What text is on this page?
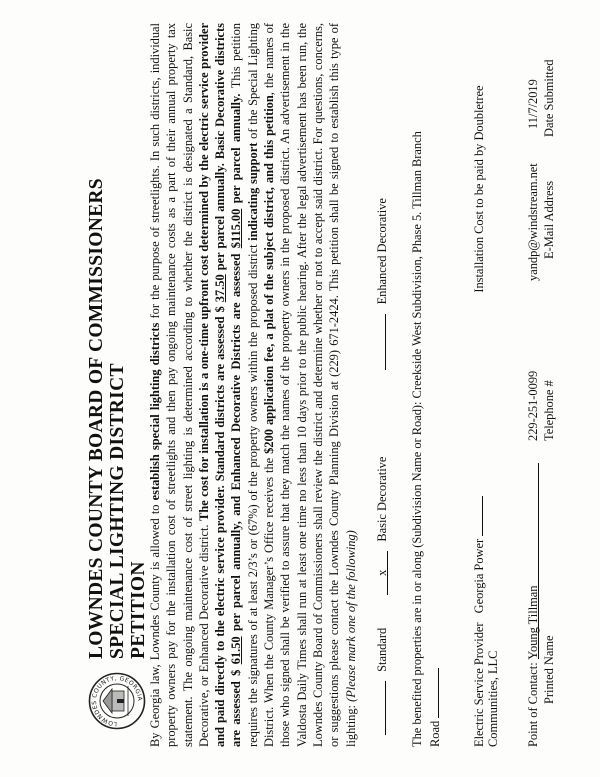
LOWNDES COUNTY, GEORGIA
LOWNDES COUNTY BOARD OF COMMISSIONERS SPECIAL LIGHTING DISTRICT PETITION By Georgia law, Lowndes County is allowed to establish special lighting districts for the purpose of streetlights. In such districts, individual property owners pay for the installation cost of streetlights and then pay ongoing maintenance costs as a part of their annual property tax statement. The ongoing maintenance cost of street lighting is determined according to whether the district is designated a Standard, Basic Decorative, or Enhanced Decorative district. The cost for installation is a one-time upfront cost determined by the electric service provider and paid directly to the electric service provider. Standard districts are assessed $ 37.50 per parcel annually. Basic Decorative districts are assessed $ 61.50 per parcel annually, and Enhanced Decorative Districts are assessed $115.00 per parcel annually. This petition requires the signatures of at least 2/3’s or (67%) of the property owners within the proposed district indicating support of the Special Lighting District. When the County Manager’s Office receives the $200 application fee, a plat of the subject district, and this petition, the names of those who signed shall be verified to assure that they match the names of the property owners in the proposed district. An advertisement in the Valdosta Daily Times shall run at least one time no less than 10 days prior to the public hearing. After the legal advertisement has been run, the Lowndes County Board of Commissioners shall review the district and determine whether or not to accept said district. For questions, concerns, or suggestions please contact the Lowndes County Planning Division at (229) 671-2424. This petition shall be signed to establish this type of lighting: (Please mark one of the following) Standard x Basic Decorative  Enhanced Decorative
The benefited properties are in or along (Subdivision Name or Road): Creekside West Subdivision, Phase 5. Tillman Branch
Road Electric Service Provider Georgia Power  Installation Cost to be paid by Doubletree
Communities, LLC Point of Contact: Young Tillman
Printed Name
229-251-0099 Telephone #
yandp@windstream.net E-Mail Address
11/7/2019 Date Submitted
